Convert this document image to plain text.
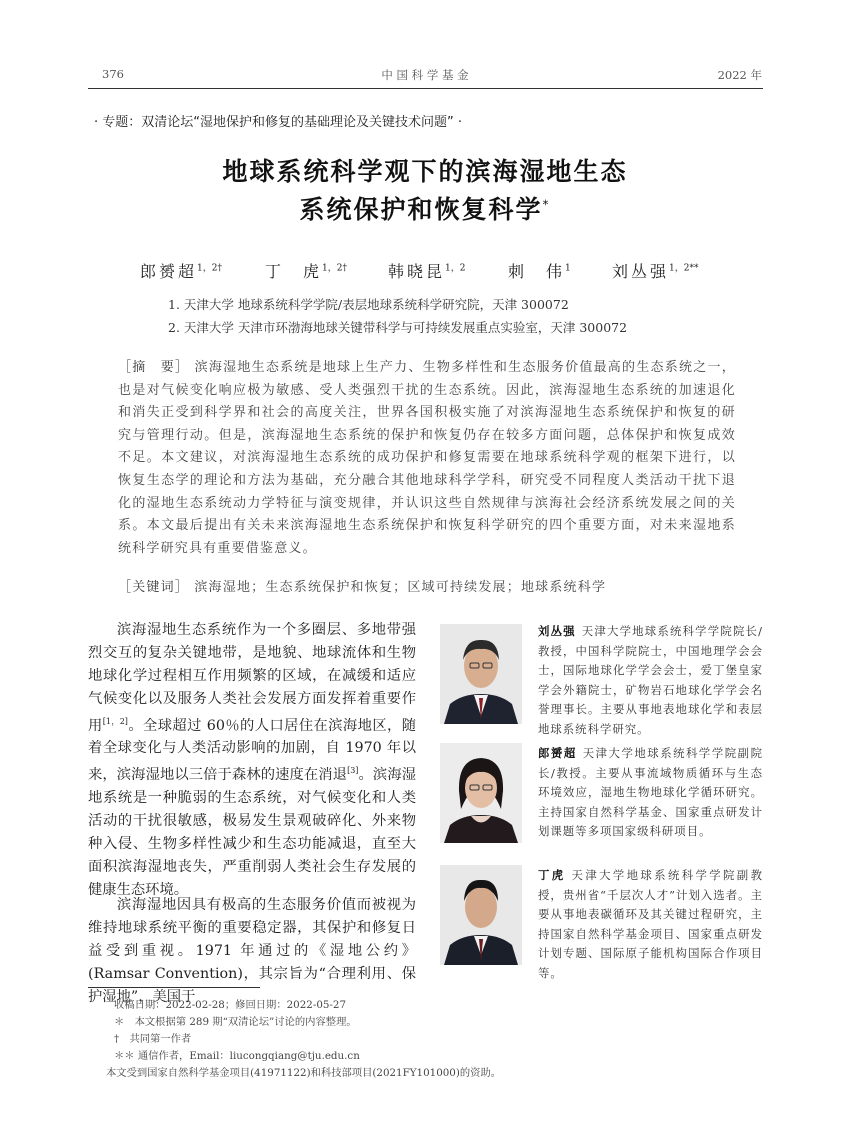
376	中 国 科 学 基 金	2022 年
· 专题：双清论坛“湿地保护和修复的基础理论及关键技术问题” ·
地球系统科学观下的滨海湿地生态
系统保护和恢复科学*
郎赟超$^{1,2\dagger}$	丁　虎$^{1,2\dagger}$	韩晓昆$^{1,2}$	刺　伟$^1$	刘丛强$^{1,2**}$
1. 天津大学 地球系统科学学院/表层地球系统科学研究院，天津 300072
2. 天津大学 天津市环渤海地球关键带科学与可持续发展重点实验室，天津 300072
［摘　要］ 滨海湿地生态系统是地球上生产力、生物多样性和生态服务价值最高的生态系统之一，也是对气候变化响应极为敏感、受人类强烈干扰的生态系统。因此，滨海湿地生态系统的加速退化和消失正受到科学界和社会的高度关注，世界各国积极实施了对滨海湿地生态系统保护和恢复的研究与管理行动。但是，滨海湿地生态系统的保护和恢复仍存在较多方面问题，总体保护和恢复成效不足。本文建议，对滨海湿地生态系统的成功保护和修复需要在地球系统科学观的框架下进行，以恢复生态学的理论和方法为基础，充分融合其他地球科学学科，研究受不同程度人类活动干扰下退化的湿地生态系统动力学特征与演变规律，并认识这些自然规律与滨海社会经济系统发展之间的关系。本文最后提出有关未来滨海湿地生态系统保护和恢复科学研究的四个重要方面，对未来湿地系统科学研究具有重要借鉴意义。
［关键词］ 滨海湿地；生态系统保护和恢复；区域可持续发展；地球系统科学
滨海湿地生态系统作为一个多圈层、多地带强烈交互的复杂关键地带，是地貌、地球流体和生物地球化学过程相互作用频繁的区域，在减缓和适应气候变化以及服务人类社会发展方面发挥着重要作用[1，2]。全球超过 60％的人口居住在滨海地区，随着全球变化与人类活动影响的加剧，自 1970 年以来，滨海湿地以三倍于森林的速度在消退[3]。滨海湿地系统是一种脆弱的生态系统，对气候变化和人类活动的干扰很敏感，极易发生景观破碎化、外来物种入侵、生物多样性减少和生态功能减退，直至大面积滨海湿地丧失，严重削弱人类社会生存发展的健康生态环境。
滨海湿地因具有极高的生态服务价值而被视为维持地球系统平衡的重要稳定器，其保护和修复日益受到重视。1971 年通过的《湿地公约》(Ramsar Convention)，其宗旨为“合理利用、保护湿地”，美国于
刘丛强 天津大学地球系统科学学院院长/教授，中国科学院院士，中国地理学会会士，国际地球化学学会会士，爱丁堡皇家学会外籍院士，矿物岩石地球化学学会名誉理事长。主要从事地表地球化学和表层地球系统科学研究。
郎赟超 天津大学地球系统科学学院副院长/教授。主要从事流域物质循环与生态环境效应，湿地生物地球化学循环研究。主持国家自然科学基金、国家重点研发计划课题等多项国家级科研项目。
丁虎 天津大学地球系统科学学院副教授，贵州省“千层次人才”计划入选者。主要从事地表碳循环及其关键过程研究，主持国家自然科学基金项目、国家重点研发计划专题、国际原子能机构国际合作项目等。
收稿日期：2022-02-28；修回日期：2022-05-27
＊　本文根据第 289 期“双清论坛”讨论的内容整理。
†　共同第一作者
＊＊ 通信作者，Email：liucongqiang@tju.edu.cn
本文受到国家自然科学基金项目(41971122)和科技部项目(2021FY101000)的资助。
